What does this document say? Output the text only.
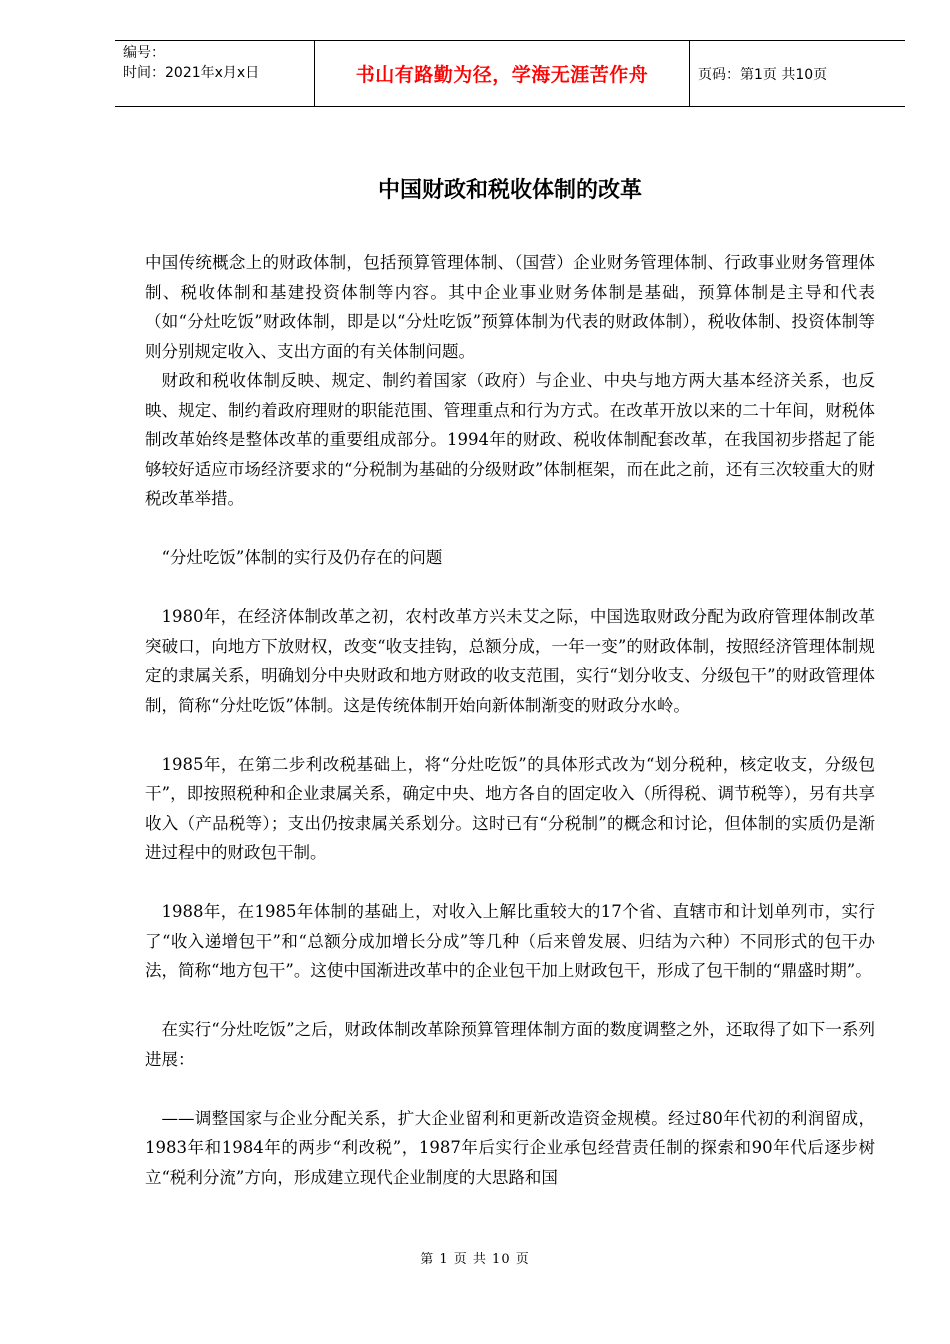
编号：
时间：2021年x月x日	书山有路勤为径，学海无涯苦作舟	页码：第1页 共10页
中国财政和税收体制的改革

中国传统概念上的财政体制，包括预算管理体制、（国营）企业财务管理体制、行政事业财务管理体制、税收体制和基建投资体制等内容。其中企业事业财务体制是基础，预算体制是主导和代表（如“分灶吃饭”财政体制，即是以“分灶吃饭”预算体制为代表的财政体制），税收体制、投资体制等则分别规定收入、支出方面的有关体制问题。

财政和税收体制反映、规定、制约着国家（政府）与企业、中央与地方两大基本经济关系，也反映、规定、制约着政府理财的职能范围、管理重点和行为方式。在改革开放以来的二十年间，财税体制改革始终是整体改革的重要组成部分。1994年的财政、税收体制配套改革，在我国初步搭起了能够较好适应市场经济要求的“分税制为基础的分级财政”体制框架，而在此之前，还有三次较重大的财税改革举措。

“分灶吃饭”体制的实行及仍存在的问题

1980年，在经济体制改革之初，农村改革方兴未艾之际，中国选取财政分配为政府管理体制改革突破口，向地方下放财权，改变“收支挂钩，总额分成，一年一变”的财政体制，按照经济管理体制规定的隶属关系，明确划分中央财政和地方财政的收支范围，实行“划分收支、分级包干”的财政管理体制，简称“分灶吃饭”体制。这是传统体制开始向新体制渐变的财政分水岭。

1985年，在第二步利改税基础上，将“分灶吃饭”的具体形式改为“划分税种，核定收支，分级包干”，即按照税种和企业隶属关系，确定中央、地方各自的固定收入（所得税、调节税等），另有共享收入（产品税等）；支出仍按隶属关系划分。这时已有“分税制”的概念和讨论，但体制的实质仍是渐进过程中的财政包干制。

1988年，在1985年体制的基础上，对收入上解比重较大的17个省、直辖市和计划单列市，实行了“收入递增包干”和“总额分成加增长分成”等几种（后来曾发展、归结为六种）不同形式的包干办法，简称“地方包干”。这使中国渐进改革中的企业包干加上财政包干，形成了包干制的“鼎盛时期”。

在实行“分灶吃饭”之后，财政体制改革除预算管理体制方面的数度调整之外，还取得了如下一系列进展：

——调整国家与企业分配关系，扩大企业留利和更新改造资金规模。经过80年代初的利润留成，1983年和1984年的两步“利改税”，1987年后实行企业承包经营责任制的探索和90年代后逐步树立“税利分流”方向，形成建立现代企业制度的大思路和国

第 1 页 共 10 页
